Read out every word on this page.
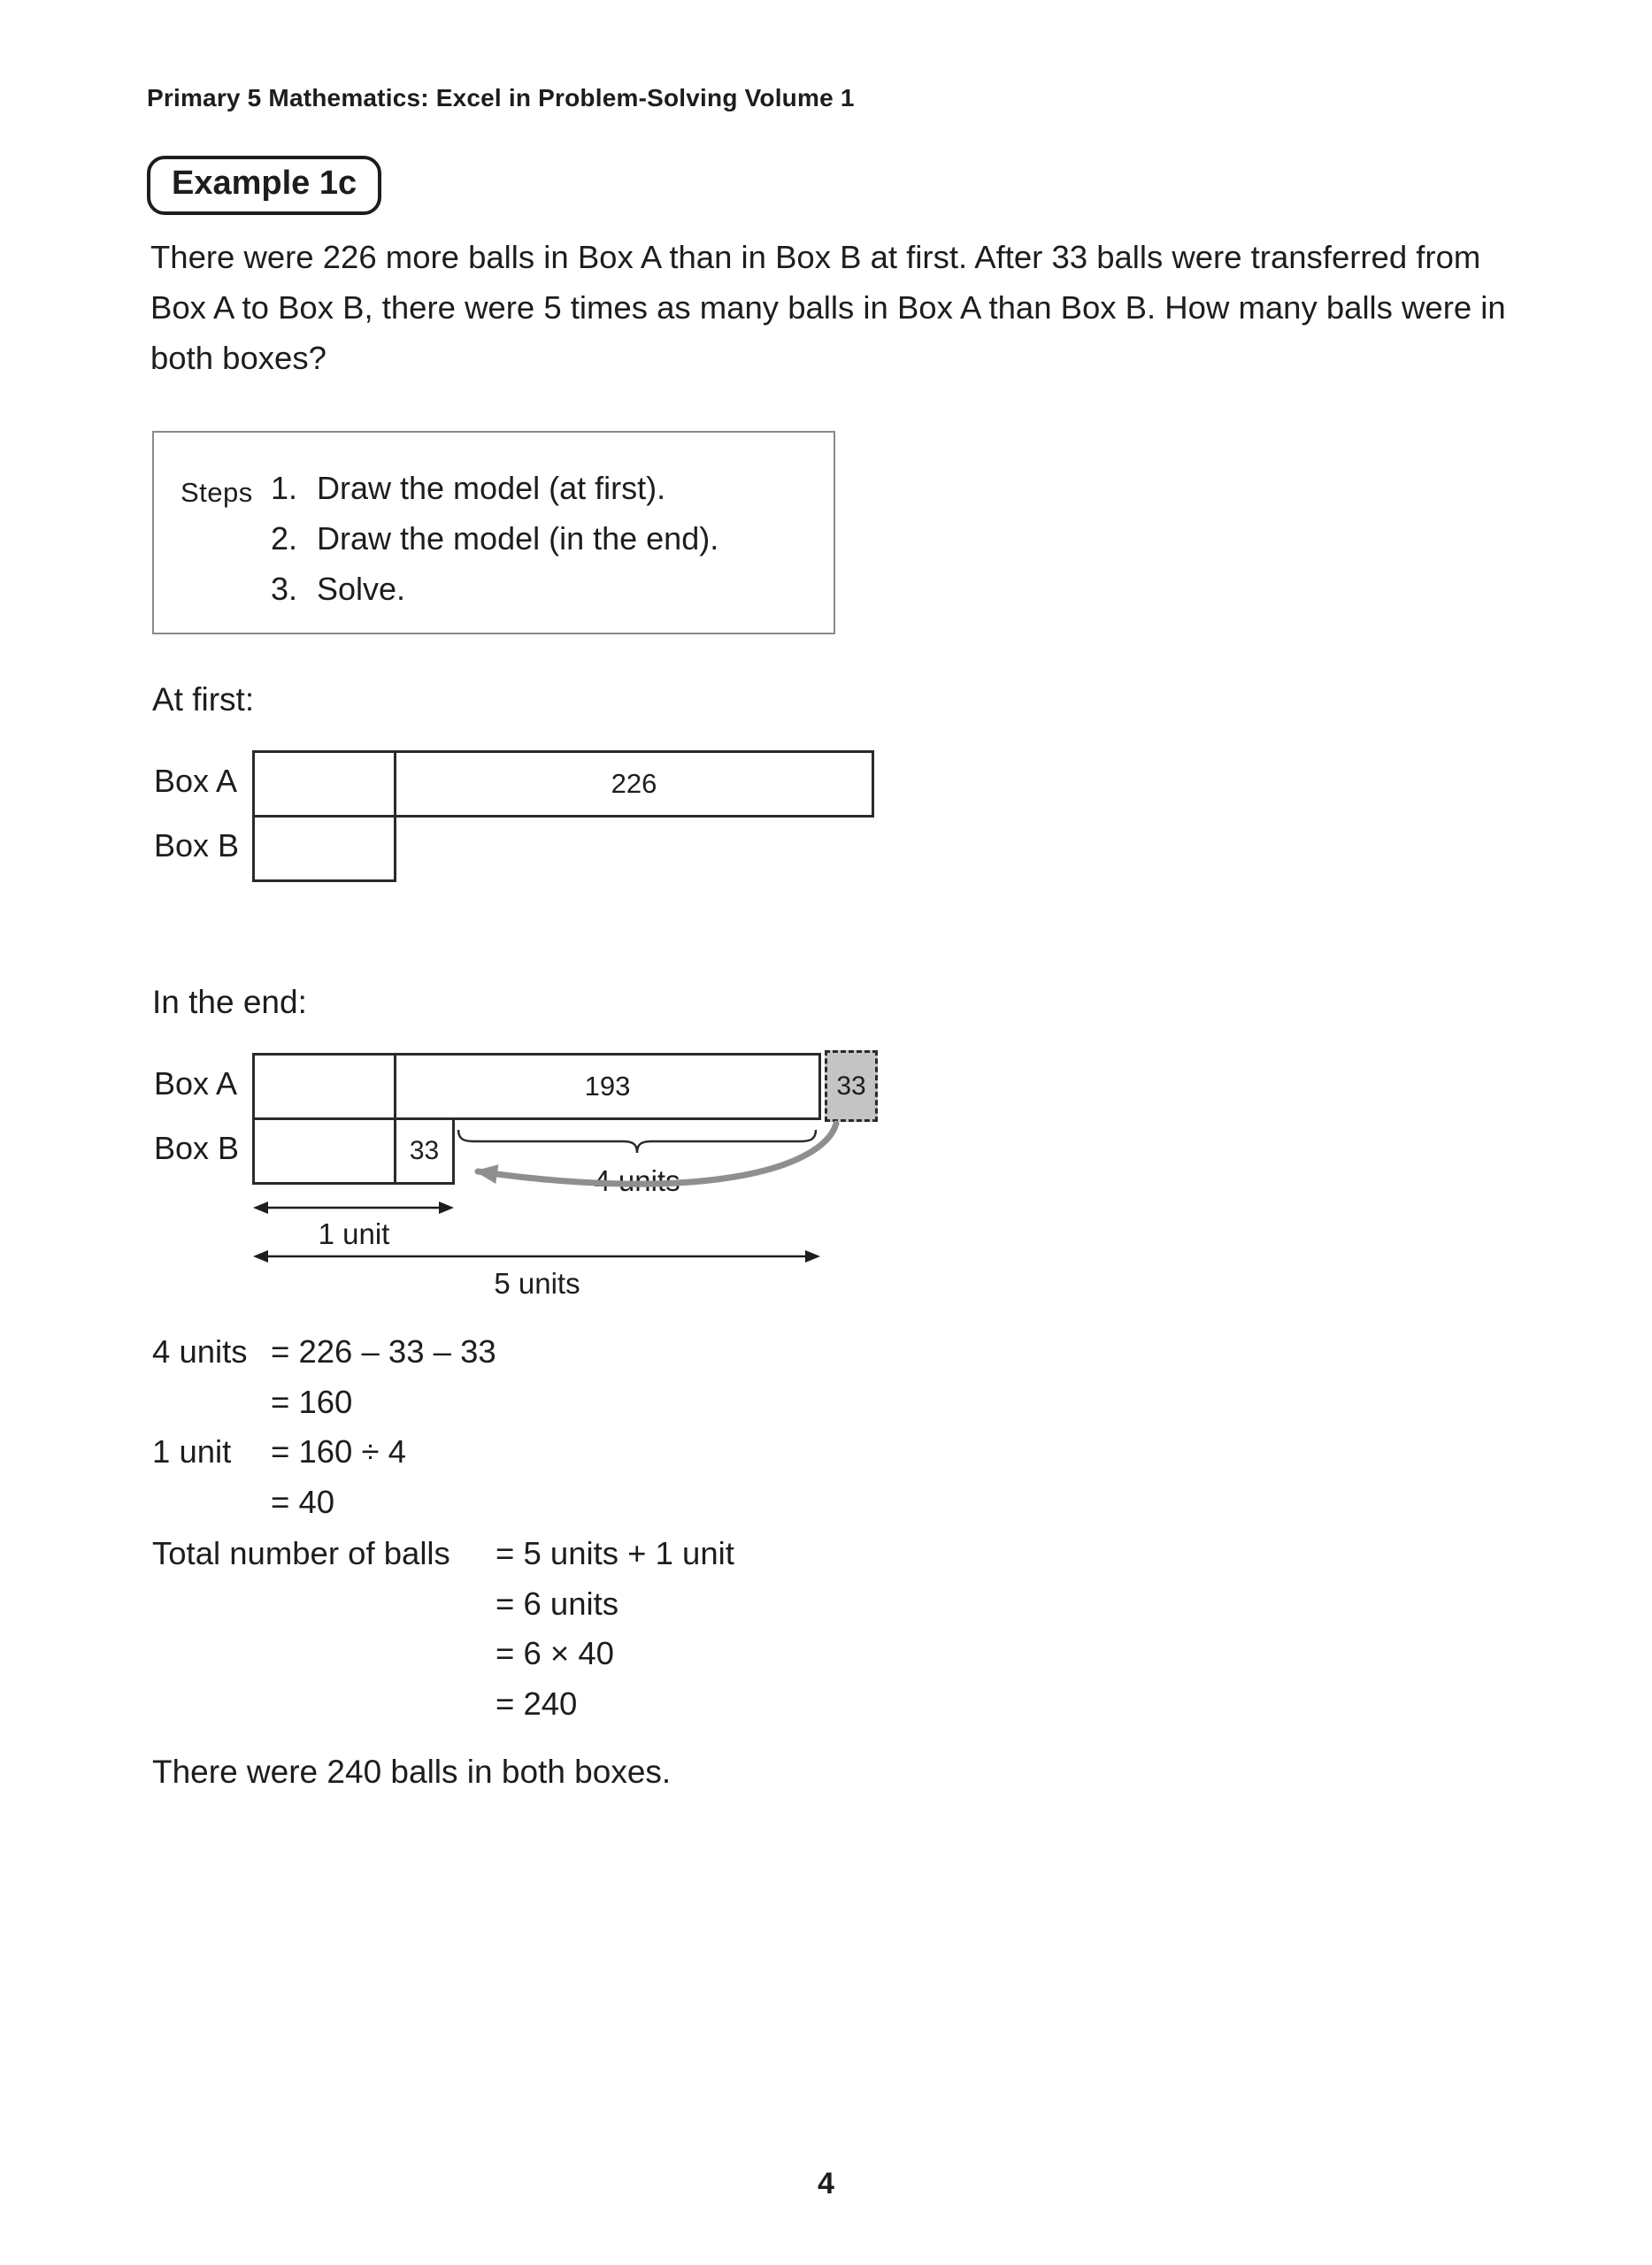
Primary 5 Mathematics: Excel in Problem-Solving Volume 1
Example 1c
There were 226 more balls in Box A than in Box B at first. After 33 balls were transferred from Box A to Box B, there were 5 times as many balls in Box A than Box B. How many balls were in both boxes?
Steps 1. Draw the model (at first).
2. Draw the model (in the end).
3. Solve.
At first:
Box A	226
Box B
In the end:
Box A	193	33
Box B	33
4 units
1 unit
5 units
4 units = 226 – 33 – 33
= 160
1 unit = 160 ÷ 4
= 40
Total number of balls = 5 units + 1 unit
= 6 units
= 6 × 40
= 240
There were 240 balls in both boxes.
4
